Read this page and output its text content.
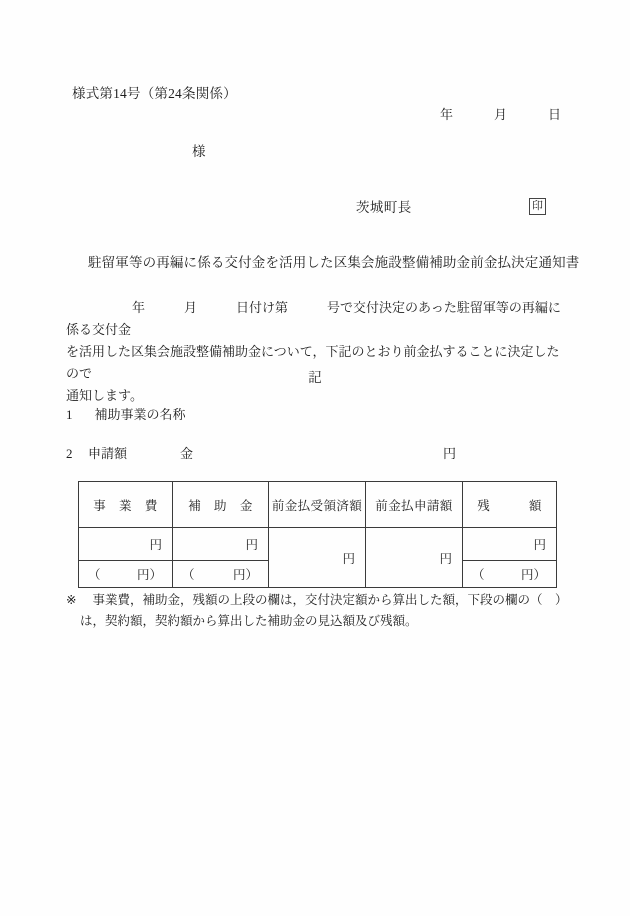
様式第14号（第24条関係）
年　　　月　　　日
様
茨城町長	印
駐留軍等の再編に係る交付金を活用した区集会施設整備補助金前金払決定通知書

年　　　月　　　日付け第　　　号で交付決定のあった駐留軍等の再編に係る交付金

を活用した区集会施設整備補助金について，下記のとおり前金払することに決定したので

通知します。

記
1 補助事業の名称
2	申請額	金	円
事　業　費	補　助　金	前金払受領済額	前金払申請額	残　　　額
円	円	円	円	円

（ 円）	（ 円）			（ 円）

※ 事業費，補助金，残額の上段の欄は，交付決定額から算出した額，下段の欄の（　）

は，契約額，契約額から算出した補助金の見込額及び残額。
